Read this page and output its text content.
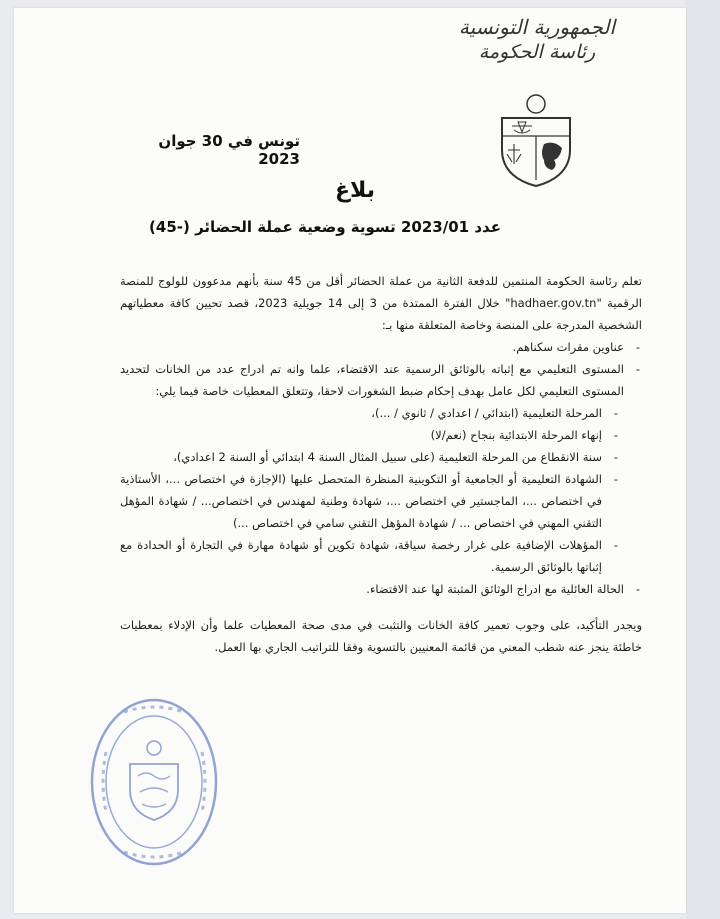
الجمهورية التونسية
رئاسة الحكومة
تونس في 30 جوان 2023
بلاغ
عدد 2023/01 تسوية وضعية عملة الحضائر (-45)

تعلم رئاسة الحكومة المنتمين للدفعة الثانية من عملة الحضائر أقل من 45 سنة بأنهم مدعوون للولوج للمنصة الرقمية "hadhaer.gov.tn" خلال الفترة الممتدة من 3 إلى 14 جويلية 2023، قصد تحيين كافة معطياتهم الشخصية المدرجة على المنصة وخاصة المتعلقة منها بـ:

- عناوين مقرات سكناهم.
- المستوى التعليمي مع إثباته بالوثائق الرسمية عند الاقتضاء، علما وانه تم ادراج عدد من الخانات لتحديد المستوى التعليمي لكل عامل بهدف إحكام ضبط الشغورات لاحقا، وتتعلق المعطيات خاصة فيما يلي:
- المرحلة التعليمية (ابتدائي / اعدادي / ثانوي / ...)،
- إنهاء المرحلة الابتدائية بنجاح (نعم/لا)
- سنة الانقطاع من المرحلة التعليمية (على سبيل المثال السنة 4 ابتدائي أو السنة 2 اعدادي)،
- الشهادة التعليمية أو الجامعية أو التكوينية المنظرة المتحصل عليها (الإجازة في اختصاص ...، الأستاذية في اختصاص ...، الماجستير في اختصاص ...، شهادة وطنية لمهندس في اختصاص... / شهادة المؤهل التقني المهني في اختصاص ... / شهادة المؤهل التقني سامي في اختصاص ...)
- المؤهلات الإضافية على غرار رخصة سياقة، شهادة تكوين أو شهادة مهارة في التجارة أو الحدادة مع إثباتها بالوثائق الرسمية.
- الحالة العائلية مع ادراج الوثائق المثبتة لها عند الاقتضاء.

ويجدر التأكيد، على وجوب تعمير كافة الخانات والتثبت في مدى صحة المعطيات علما وأن الإدلاء بمعطيات خاطئة ينجز عنه شطب المعني من قائمة المعنيين بالتسوية وفقا للتراتيب الجاري بها العمل.
